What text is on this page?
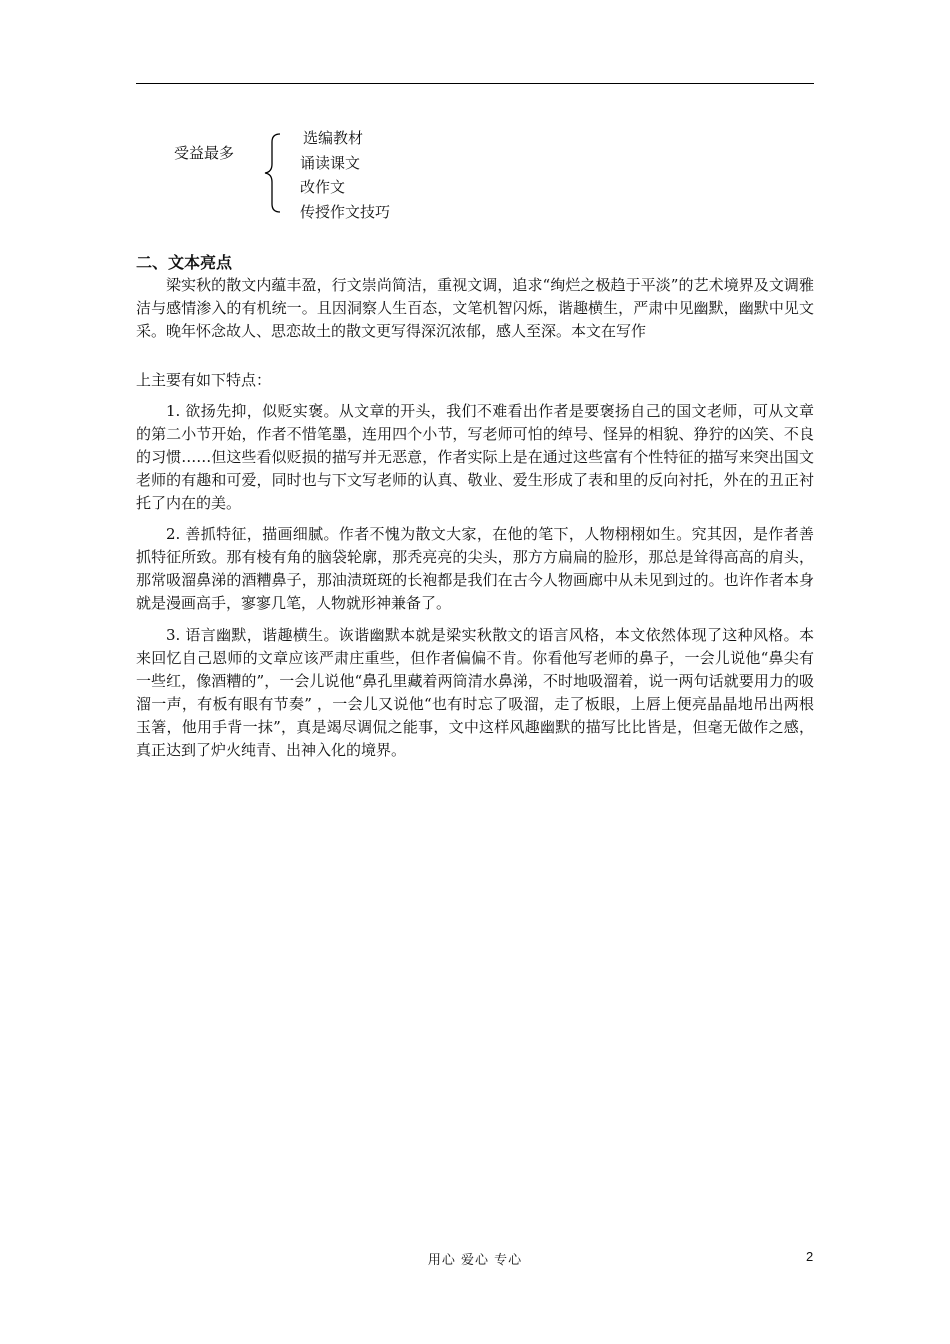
受益最多
选编教材
诵读课文
改作文
传授作文技巧
二、文本亮点
梁实秋的散文内蕴丰盈，行文崇尚简洁，重视文调，追求“绚烂之极趋于平淡”的艺术境界及文调雅洁与感情渗入的有机统一。且因洞察人生百态，文笔机智闪烁，谐趣横生，严肃中见幽默，幽默中见文采。晚年怀念故人、思恋故土的散文更写得深沉浓郁，感人至深。本文在写作
上主要有如下特点：
1. 欲扬先抑，似贬实褒。从文章的开头，我们不难看出作者是要褒扬自己的国文老师，可从文章的第二小节开始，作者不惜笔墨，连用四个小节，写老师可怕的绰号、怪异的相貌、狰狞的凶笑、不良的习惯……但这些看似贬损的描写并无恶意，作者实际上是在通过这些富有个性特征的描写来突出国文老师的有趣和可爱，同时也与下文写老师的认真、敬业、爱生形成了表和里的反向衬托，外在的丑正衬托了内在的美。
2. 善抓特征，描画细腻。作者不愧为散文大家，在他的笔下，人物栩栩如生。究其因，是作者善抓特征所致。那有棱有角的脑袋轮廓，那秃亮亮的尖头，那方方扁扁的脸形，那总是耸得高高的肩头，那常吸溜鼻涕的酒糟鼻子，那油渍斑斑的长袍都是我们在古今人物画廊中从未见到过的。也许作者本身就是漫画高手，寥寥几笔，人物就形神兼备了。
3. 语言幽默，谐趣横生。诙谐幽默本就是梁实秋散文的语言风格，本文依然体现了这种风格。本来回忆自己恩师的文章应该严肃庄重些，但作者偏偏不肯。你看他写老师的鼻子，一会儿说他“鼻尖有一些红，像酒糟的”，一会儿说他“鼻孔里藏着两筒清水鼻涕，不时地吸溜着，说一两句话就要用力的吸溜一声，有板有眼有节奏” ，一会儿又说他“也有时忘了吸溜，走了板眼，上唇上便亮晶晶地吊出两根玉箸，他用手背一抹”，真是竭尽调侃之能事，文中这样风趣幽默的描写比比皆是，但毫无做作之感，真正达到了炉火纯青、出神入化的境界。
用心 爱心 专心	2
